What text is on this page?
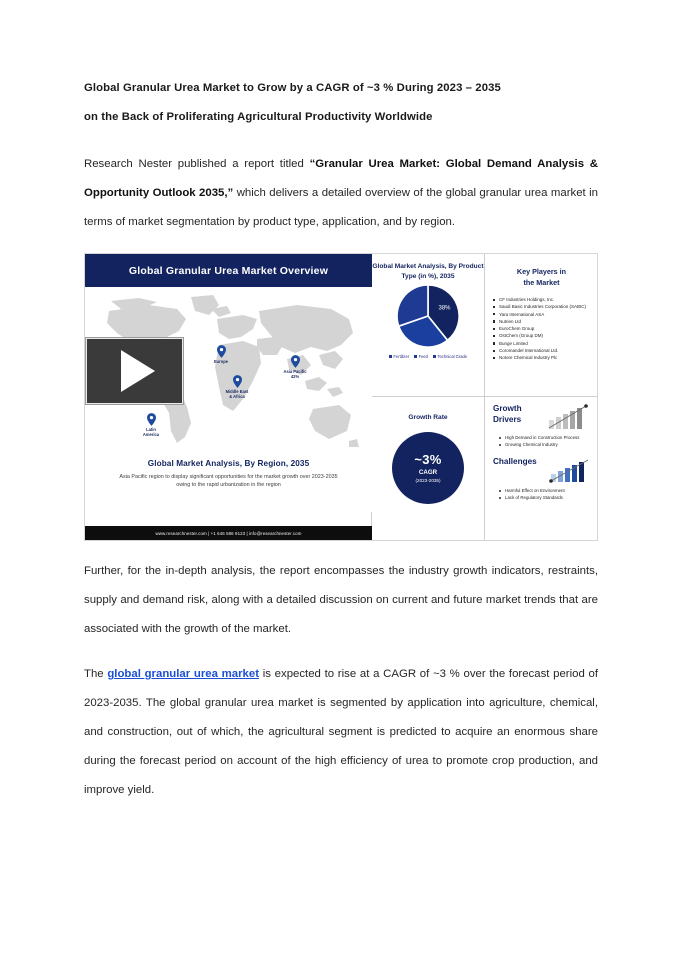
Global Granular Urea Market to Grow by a CAGR of ~3 % During 2023 – 2035
on the Back of Proliferating Agricultural Productivity Worldwide

Research Nester published a report titled “Granular Urea Market: Global Demand Analysis & Opportunity Outlook 2035,” which delivers a detailed overview of the global granular urea market in terms of market segmentation by product type, application, and by region.

Global Granular Urea Market Overview

Latin
America
Europe
Middle East
& Africa
Asia Pacific
42%
Global Market Analysis, By Region, 2035
Asia Pacific region to display significant opportunities for the market growth over 2023-2035 owing to the rapid urbanization in the region
www.researchnester.com | +1 646 586 9123 | info@researchnester.com
Global Market Analysis, By Product Type (in %), 2035
38%
Fertilizer	Feed	Technical Grade
Key Players in
the Market
CF Industries Holdings, Inc.
Saudi Basic Industries Corporation (SABIC)
Yara International ASA
Nutrien Ltd
EuroChem Group
OstChem (Group DM)
Bunge Limited
Coromandel International Ltd.
Notore Chemical Industry Plc
Growth Rate
~3%
CAGR
(2023-2035)
Growth
Drivers
High Demand in Construction Process
Growing Chemical Industry
Challenges
Harmful Effect on Environment
Lack of Regulatory Standards

Further, for the in-depth analysis, the report encompasses the industry growth indicators, restraints, supply and demand risk, along with a detailed discussion on current and future market trends that are associated with the growth of the market.

The global granular urea market is expected to rise at a CAGR of ~3 % over the forecast period of 2023-2035. The global granular urea market is segmented by application into agriculture, chemical, and construction, out of which, the agricultural segment is predicted to acquire an enormous share during the forecast period on account of the high efficiency of urea to promote crop production, and improve yield.
